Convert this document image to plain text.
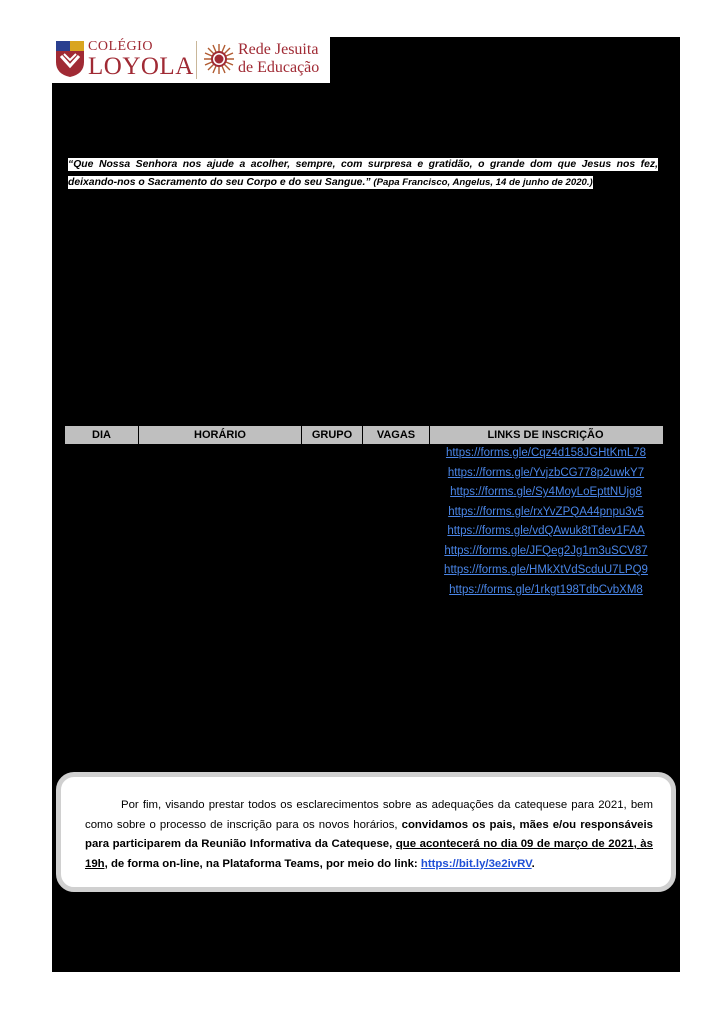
COLÉGIO
LOYOLA
Rede Jesuita
de Educação
“Que Nossa Senhora nos ajude a acolher, sempre, com surpresa e gratidão, o grande dom que Jesus nos fez, deixando-nos o Sacramento do seu Corpo e do seu Sangue.” (Papa Francisco, Angelus, 14 de junho de 2020.)
DIA	HORÁRIO	GRUPO	VAGAS	LINKS DE INSCRIÇÃO
https://forms.gle/Cqz4d158JGHtKmL78
https://forms.gle/YvjzbCG778p2uwkY7
https://forms.gle/Sy4MoyLoEpttNUjg8
https://forms.gle/rxYvZPQA44pnpu3v5
https://forms.gle/vdQAwuk8tTdev1FAA
https://forms.gle/JFQeg2Jg1m3uSCV87
https://forms.gle/HMkXtVdScduU7LPQ9
https://forms.gle/1rkgt198TdbCvbXM8
Por fim, visando prestar todos os esclarecimentos sobre as adequações da catequese para 2021, bem como sobre o processo de inscrição para os novos horários, convidamos os pais, mães e/ou responsáveis para participarem da Reunião Informativa da Catequese, que acontecerá no dia 09 de março de 2021, às 19h, de forma on-line, na Plataforma Teams, por meio do link: https://bit.ly/3e2ivRV.
